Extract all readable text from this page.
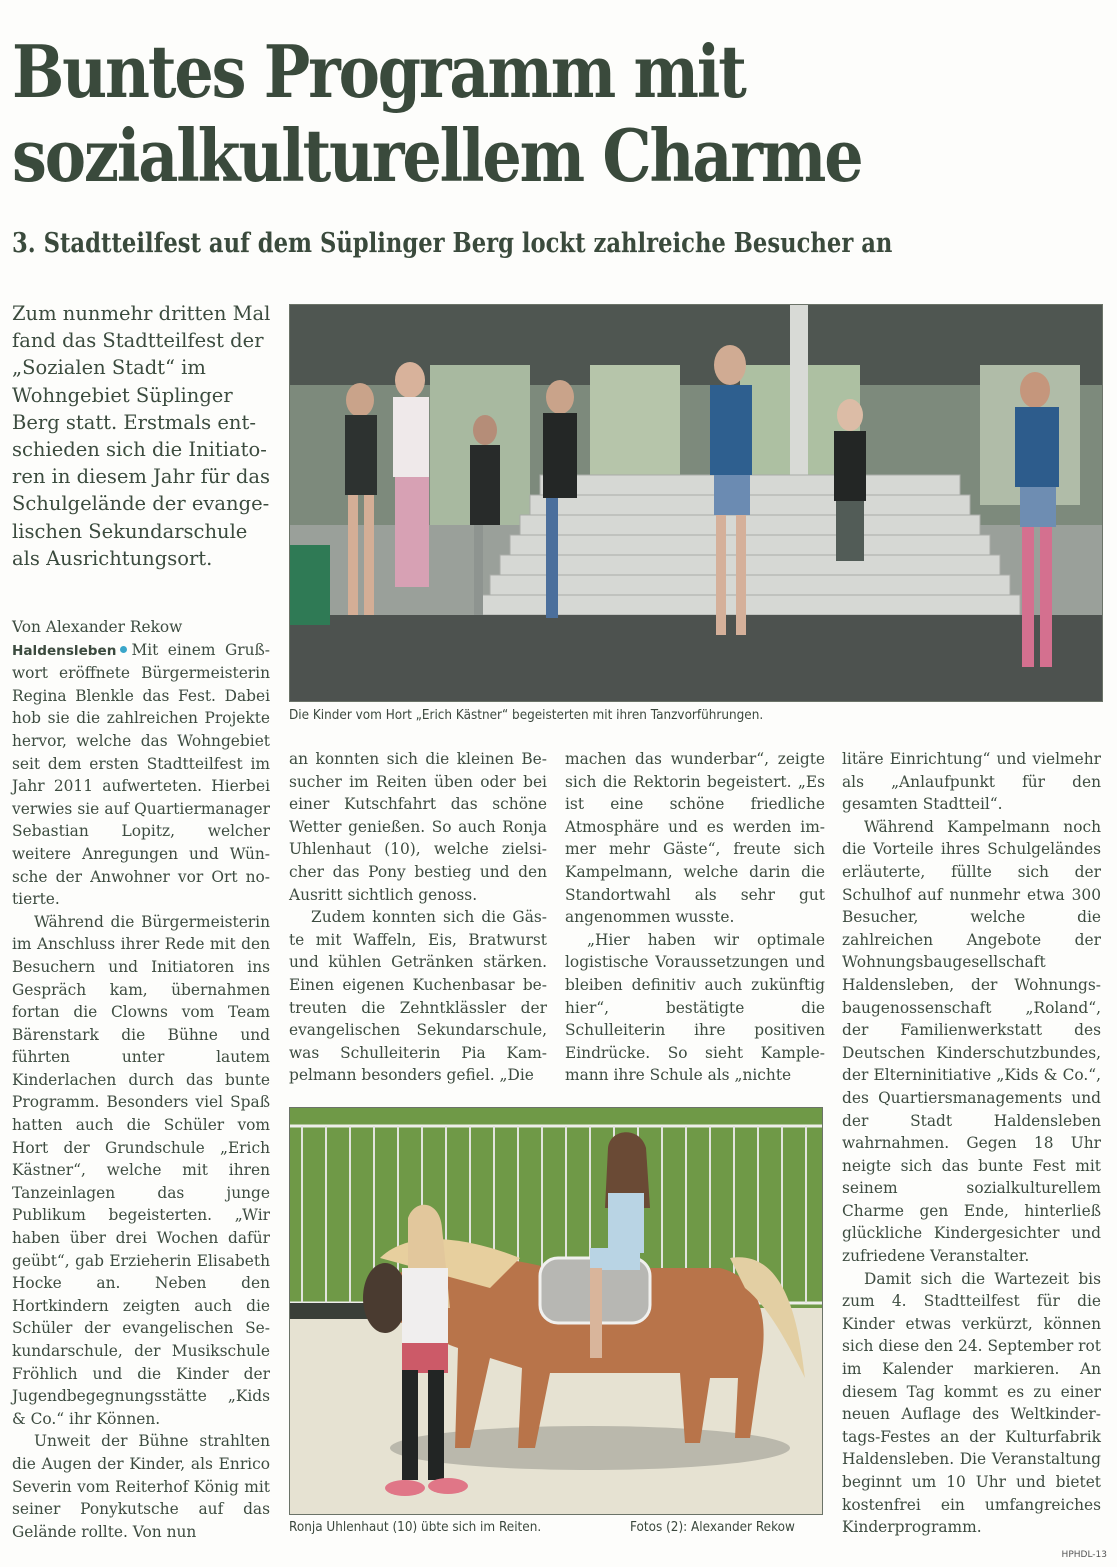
Buntes Programm mit
sozialkulturellem Charme
3. Stadtteilfest auf dem Süplinger Berg lockt zahlreiche Besucher an

Zum nunmehr dritten Mal fand das Stadtteilfest der „Sozialen Stadt“ im Wohngebiet Süplinger Berg statt. Erstmals entschieden sich die Initiatoren in diesem Jahr für das Schulgelände der evangelischen Sekundarschule als Ausrichtungsort.

Von Alexander Rekow

Haldensleben Mit einem Grußwort eröffnete Bürgermeisterin Regina Blenkle das Fest. Dabei hob sie die zahlreichen Projekte hervor, welche das Wohngebiet seit dem ersten Stadtteilfest im Jahr 2011 aufwerteten. Hierbei verwies sie auf Quartiermanager Sebastian Lopitz, welcher weitere Anregungen und Wünsche der Anwohner vor Ort notierte.

Während die Bürgermeisterin im Anschluss ihrer Rede mit den Besuchern und Initiatoren ins Gespräch kam, übernahmen fortan die Clowns vom Team Bärenstark die Bühne und führten unter lautem Kinderlachen durch das bunte Programm. Besonders viel Spaß hatten auch die Schüler vom Hort der Grundschule „Erich Kästner“, welche mit ihren Tanzeinlagen das junge Publikum begeisterten. „Wir haben über drei Wochen dafür geübt“, gab Erzieherin Elisabeth Hocke an. Neben den Hortkindern zeigten auch die Schüler der evangelischen Sekundarschule, der Musikschule Fröhlich und die Kinder der Jugendbegegnungsstätte „Kids & Co.“ ihr Können.

Unweit der Bühne strahlten die Augen der Kinder, als Enrico Severin vom Reiterhof König mit seiner Ponykutsche auf das Gelände rollte. Von nun

Die Kinder vom Hort „Erich Kästner“ begeisterten mit ihren Tanzvorführungen.

an konnten sich die kleinen Besucher im Reiten üben oder bei einer Kutschfahrt das schöne Wetter genießen. So auch Ronja Uhlenhaut (10), welche zielsicher das Pony bestieg und den Ausritt sichtlich genoss.

Zudem konnten sich die Gäste mit Waffeln, Eis, Bratwurst und kühlen Getränken stärken. Einen eigenen Kuchenbasar betreuten die Zehntklässler der evangelischen Sekundarschule, was Schulleiterin Pia Kampelmann besonders gefiel. „Die

machen das wunderbar“, zeigte sich die Rektorin begeistert. „Es ist eine schöne friedliche Atmosphäre und es werden immer mehr Gäste“, freute sich Kampelmann, welche darin die Standortwahl als sehr gut angenommen wusste.

„Hier haben wir optimale logistische Voraussetzungen und bleiben definitiv auch zukünftig hier“, bestätigte die Schulleiterin ihre positiven Eindrücke. So sieht Kamplemann ihre Schule als „nichte

litäre Einrichtung“ und vielmehr als „Anlaufpunkt für den gesamten Stadtteil“.

Während Kampelmann noch die Vorteile ihres Schulgeländes erläuterte, füllte sich der Schulhof auf nunmehr etwa 300 Besucher, welche die zahlreichen Angebote der Wohnungsbaugesellschaft Haldensleben, der Wohnungsbaugenossenschaft „Roland“, der Familienwerkstatt des Deutschen Kinderschutzbundes, der Elterninitiative „Kids & Co.“, des Quartiersmanagements und der Stadt Haldensleben wahrnahmen. Gegen 18 Uhr neigte sich das bunte Fest mit seinem sozialkulturellem Charme gen Ende, hinterließ glückliche Kindergesichter und zufriedene Veranstalter.

Damit sich die Wartezeit bis zum 4. Stadtteilfest für die Kinder etwas verkürzt, können sich diese den 24. September rot im Kalender markieren. An diesem Tag kommt es zu einer neuen Auflage des Weltkindertags-Festes an der Kulturfabrik Haldensleben. Die Veranstaltung beginnt um 10 Uhr und bietet kostenfrei ein umfangreiches Kinderprogramm.

Ronja Uhlenhaut (10) übte sich im Reiten.	Fotos (2): Alexander Rekow
HPHDL-13
